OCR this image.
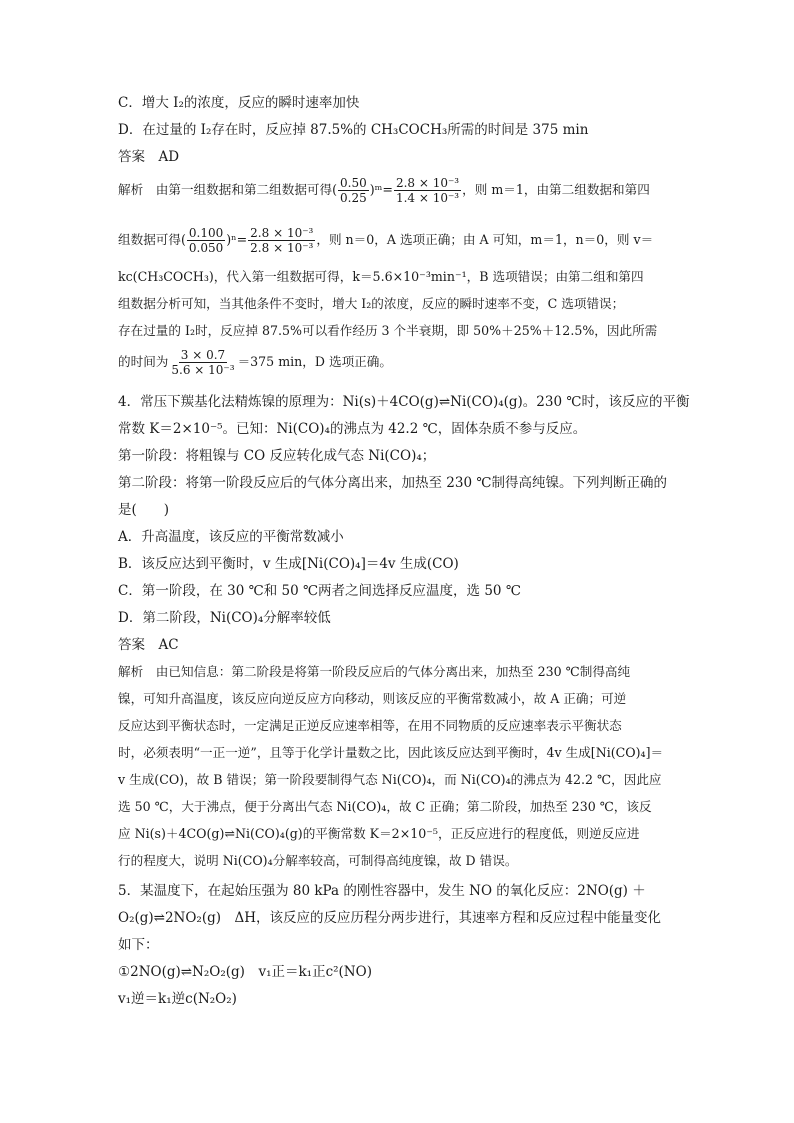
C．增大 I₂的浓度，反应的瞬时速率加快
D．在过量的 I₂存在时，反应掉 87.5%的 CH₃COCH₃所需的时间是 375 min
答案　AD
解析　由第一组数据和第二组数据可得( $\frac{0.50}{0.25}$ )ᵐ= $\frac{\text{2.8 × 10⁻³}}{\text{1.4 × 10⁻³}}$ ，则 m＝1，由第二组数据和第四
组数据可得( $\frac{0.100}{0.050} )^n= \frac{\text{2.8 × 10⁻³}}{\text{2.8 × 10⁻³}}$ ，则 n＝0，A 选项正确；由 A 可知，m＝1，n＝0，则 v＝
kc(CH₃COCH₃)，代入第一组数据可得，k＝5.6×10⁻³min⁻¹，B 选项错误；由第二组和第四
组数据分析可知，当其他条件不变时，增大 I₂的浓度，反应的瞬时速率不变，C 选项错误；
存在过量的 I₂时，反应掉 87.5%可以看作经历 3 个半衰期，即 50%＋25%＋12.5%，因此所需
的时间为 $\frac{3 \times 0.7}{\text{5.6 × 10⁻³}} =375$ min，D 选项正确。
4．常压下羰基化法精炼镍的原理为：Ni(s)＋4CO(g)⇌Ni(CO)₄(g)。230 ℃时，该反应的平衡
常数 K＝2×10⁻⁵。已知：Ni(CO)₄的沸点为 42.2 ℃，固体杂质不参与反应。
第一阶段：将粗镍与 CO 反应转化成气态 Ni(CO)₄；
第二阶段：将第一阶段反应后的气体分离出来，加热至 230 ℃制得高纯镍。下列判断正确的
是(　　)
A．升高温度，该反应的平衡常数减小
B．该反应达到平衡时，v 生成[Ni(CO)₄]＝4v 生成(CO)
C．第一阶段，在 30 ℃和 50 ℃两者之间选择反应温度，选 50 ℃
D．第二阶段，Ni(CO)₄分解率较低
答案　AC
解析　由已知信息：第二阶段是将第一阶段反应后的气体分离出来，加热至 230 ℃制得高纯
镍，可知升高温度，该反应向逆反应方向移动，则该反应的平衡常数减小，故 A 正确；可逆
反应达到平衡状态时，一定满足正逆反应速率相等，在用不同物质的反应速率表示平衡状态
时，必须表明“一正一逆”，且等于化学计量数之比，因此该反应达到平衡时，4v 生成[Ni(CO)₄]＝
v 生成(CO)，故 B 错误；第一阶段要制得气态 Ni(CO)₄，而 Ni(CO)₄的沸点为 42.2 ℃，因此应
选 50 ℃，大于沸点，便于分离出气态 Ni(CO)₄，故 C 正确；第二阶段，加热至 230 ℃，该反
应 Ni(s)＋4CO(g)⇌Ni(CO)₄(g)的平衡常数 K＝2×10⁻⁵，正反应进行的程度低，则逆反应进
行的程度大，说明 Ni(CO)₄分解率较高，可制得高纯度镍，故 D 错误。
5．某温度下，在起始压强为 80 kPa 的刚性容器中，发生 NO 的氧化反应：2NO(g) ＋
O₂(g)⇌2NO₂(g)　ΔH，该反应的反应历程分两步进行，其速率方程和反应过程中能量变化
如下：
①2NO(g)⇌N₂O₂(g)　v₁正＝k₁正c²(NO)
v₁逆＝k₁逆c(N₂O₂)
